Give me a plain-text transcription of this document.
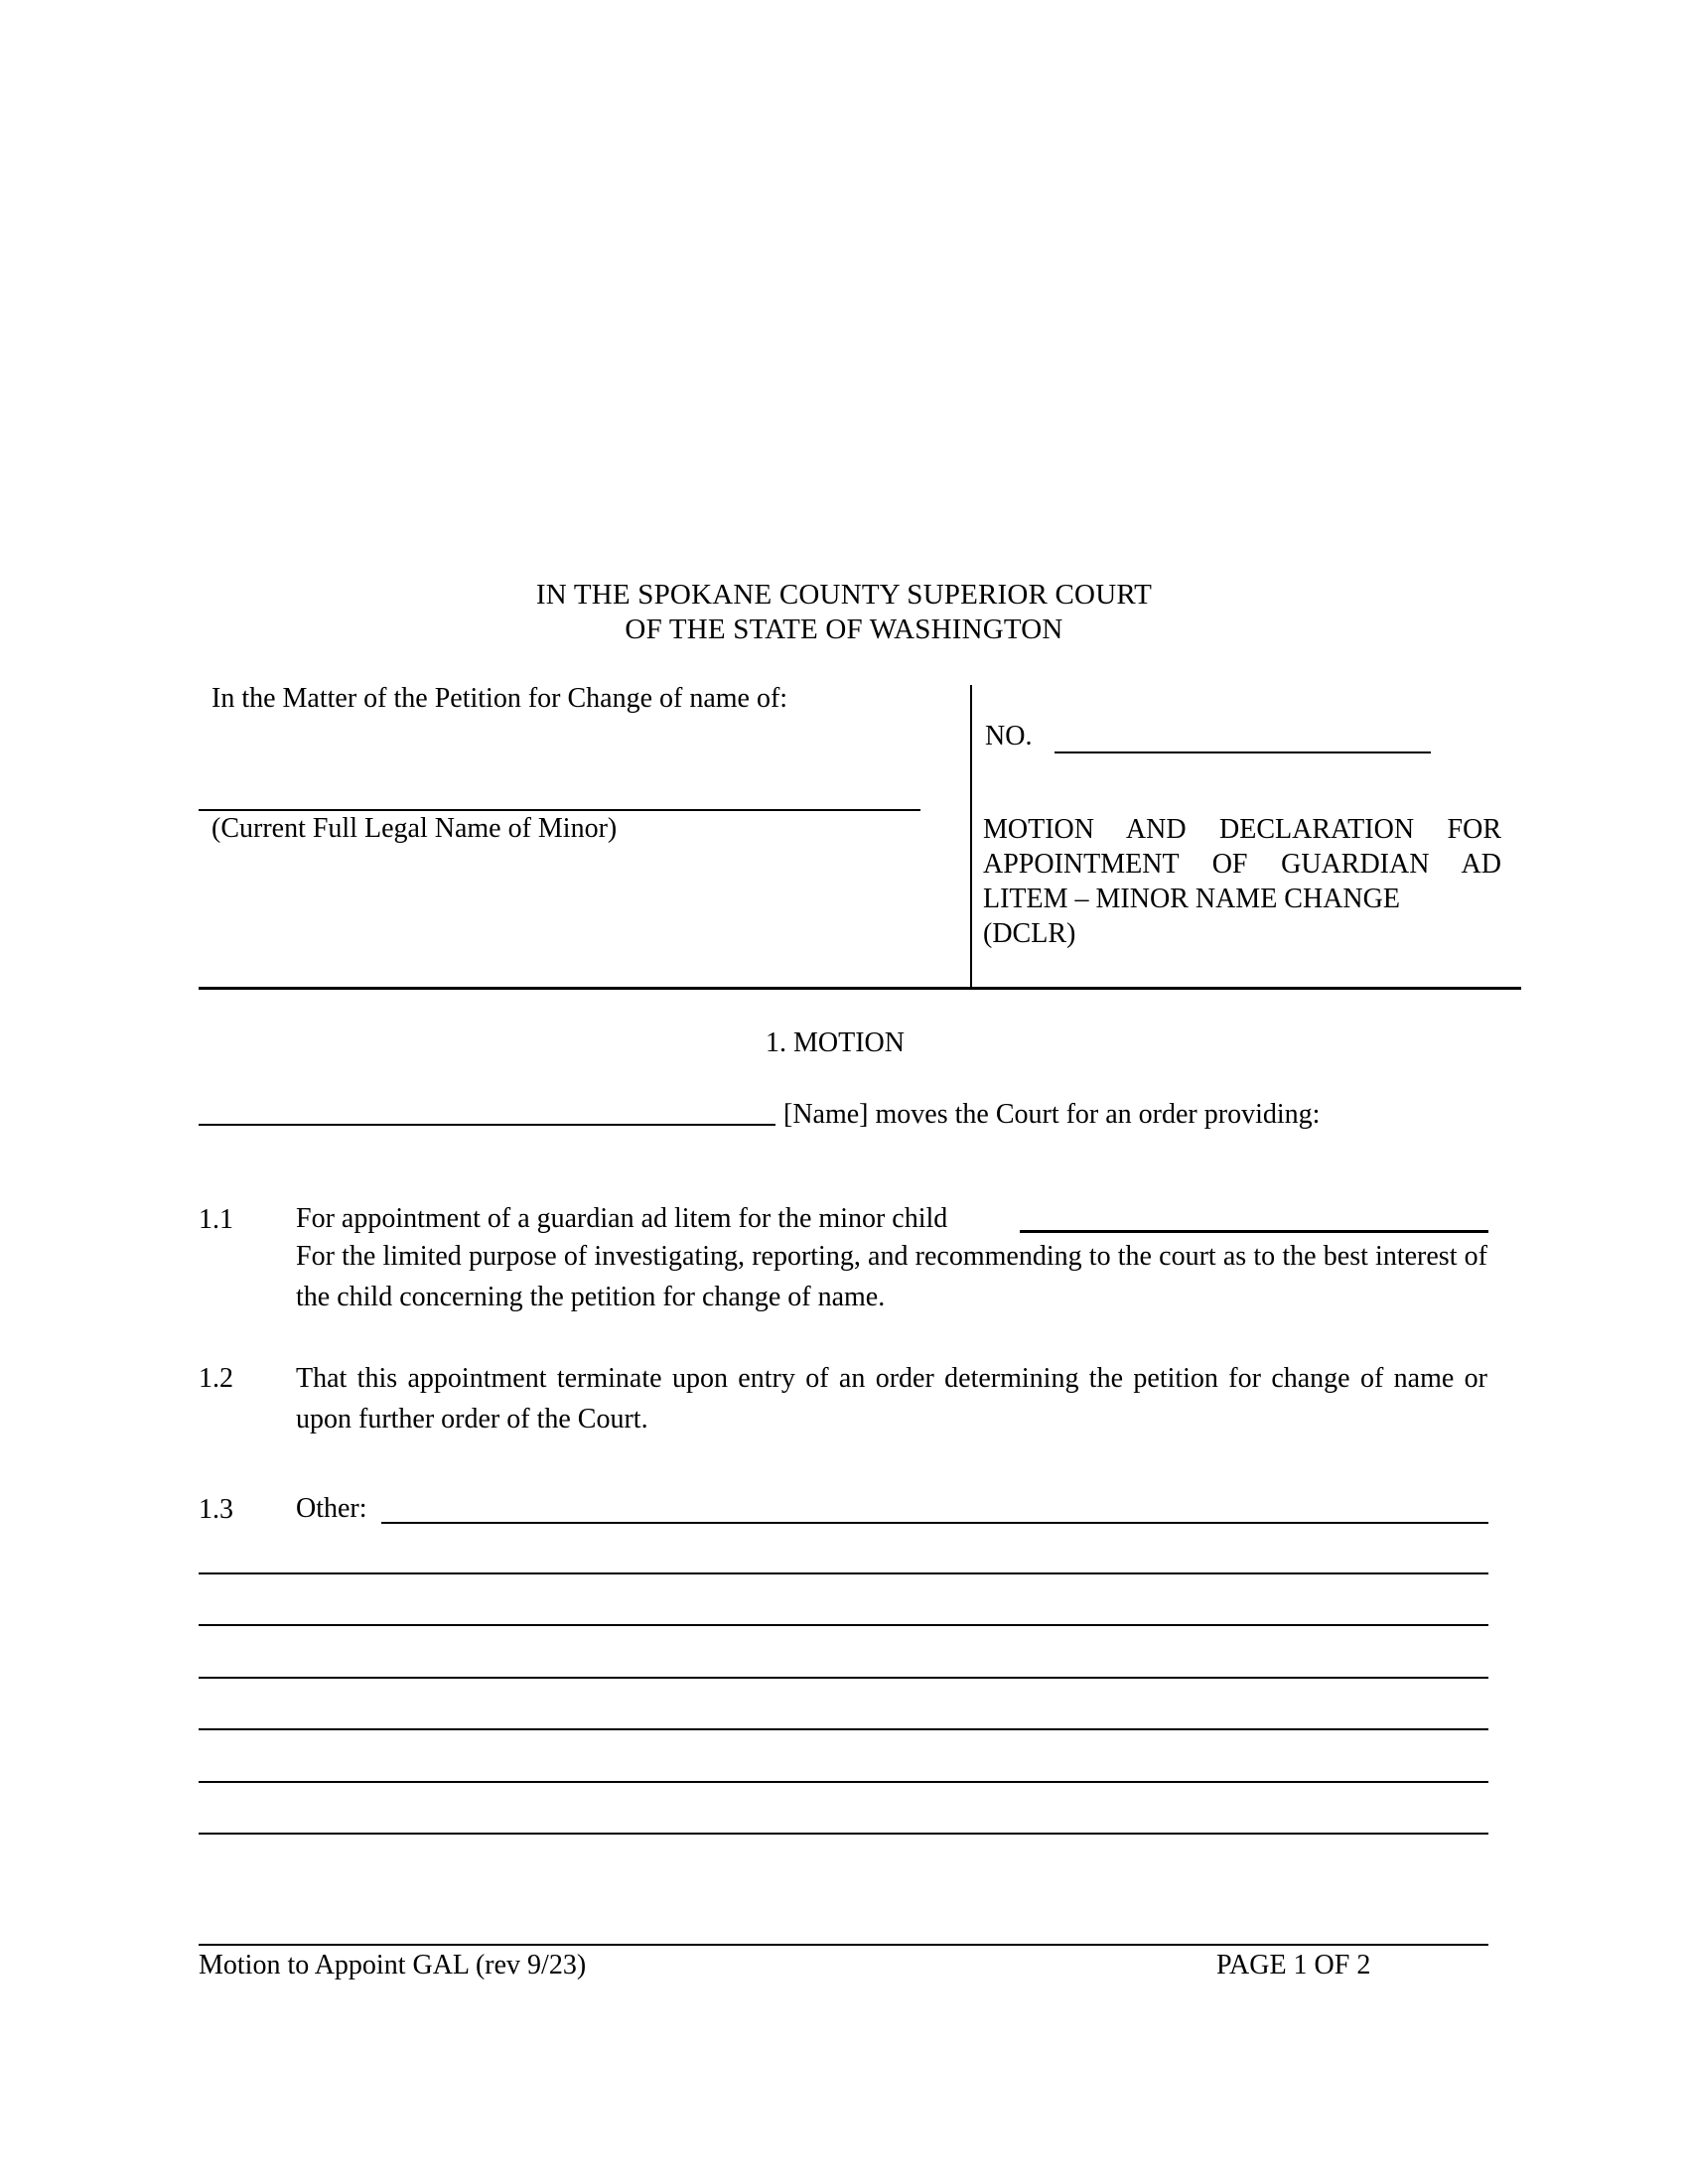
IN THE SPOKANE COUNTY SUPERIOR COURT
OF THE STATE OF WASHINGTON
In the Matter of the Petition for Change of name of:
(Current Full Legal Name of Minor)
NO.
MOTION AND DECLARATION FOR
APPOINTMENT OF GUARDIAN AD
LITEM – MINOR NAME CHANGE
(DCLR)
1. MOTION
[Name] moves the Court for an order providing:
1.1 For appointment of a guardian ad litem for the minor child
For the limited purpose of investigating, reporting, and recommending to the court as to the best interest of the child concerning the petition for change of name.
1.2 That this appointment terminate upon entry of an order determining the petition for change of name or upon further order of the Court.
1.3 Other:
Motion to Appoint GAL (rev 9/23)	PAGE 1 OF 2
